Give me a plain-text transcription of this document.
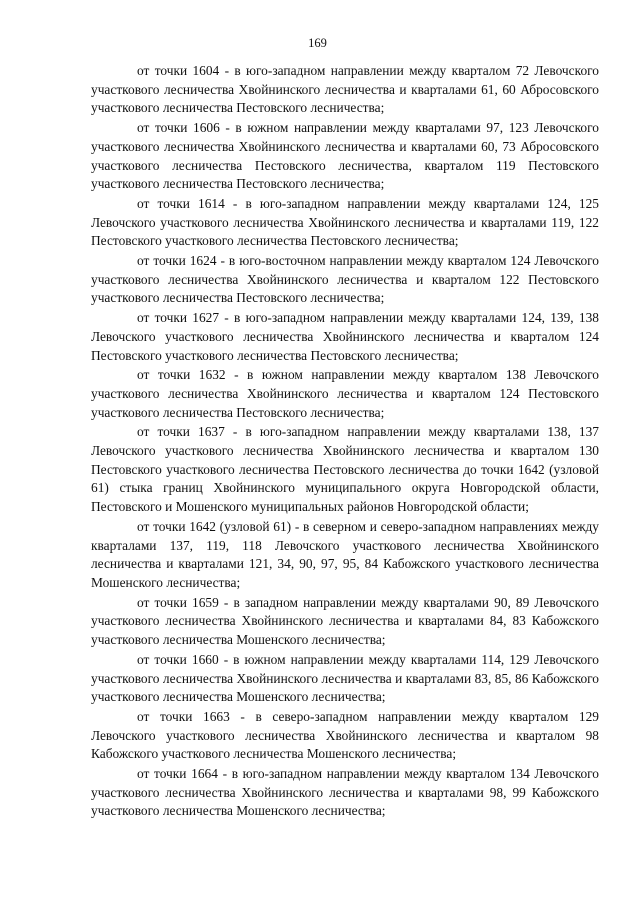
169

от точки 1604 - в юго-западном направлении между кварталом 72 Левочского участкового лесничества Хвойнинского лесничества и кварталами 61, 60 Абросовского участкового лесничества Пестовского лесничества;

от точки 1606 - в южном направлении между кварталами 97, 123 Левочского участкового лесничества Хвойнинского лесничества и кварталами 60, 73 Абросовского участкового лесничества Пестовского лесничества, кварталом 119 Пестовского участкового лесничества Пестовского лесничества;

от точки 1614 - в юго-западном направлении между кварталами 124, 125 Левочского участкового лесничества Хвойнинского лесничества и кварталами 119, 122 Пестовского участкового лесничества Пестовского лесничества;

от точки 1624 - в юго-восточном направлении между кварталом 124 Левочского участкового лесничества Хвойнинского лесничества и кварталом 122 Пестовского участкового лесничества Пестовского лесничества;

от точки 1627 - в юго-западном направлении между кварталами 124, 139, 138 Левочского участкового лесничества Хвойнинского лесничества и кварталом 124 Пестовского участкового лесничества Пестовского лесничества;

от точки 1632 - в южном направлении между кварталом 138 Левочского участкового лесничества Хвойнинского лесничества и кварталом 124 Пестовского участкового лесничества Пестовского лесничества;

от точки 1637 - в юго-западном направлении между кварталами 138, 137 Левочского участкового лесничества Хвойнинского лесничества и кварталом 130 Пестовского участкового лесничества Пестовского лесничества до точки 1642 (узловой 61) стыка границ Хвойнинского муниципального округа Новгородской области, Пестовского и Мошенского муниципальных районов Новгородской области;

от точки 1642 (узловой 61) - в северном и северо-западном направлениях между кварталами 137, 119, 118 Левочского участкового лесничества Хвойнинского лесничества и кварталами 121, 34, 90, 97, 95, 84 Кабожского участкового лесничества Мошенского лесничества;

от точки 1659 - в западном направлении между кварталами 90, 89 Левочского участкового лесничества Хвойнинского лесничества и кварталами 84, 83 Кабожского участкового лесничества Мошенского лесничества;

от точки 1660 - в южном направлении между кварталами 114, 129 Левочского участкового лесничества Хвойнинского лесничества и кварталами 83, 85, 86 Кабожского участкового лесничества Мошенского лесничества;

от точки 1663 - в северо-западном направлении между кварталом 129 Левочского участкового лесничества Хвойнинского лесничества и кварталом 98 Кабожского участкового лесничества Мошенского лесничества;

от точки 1664 - в юго-западном направлении между кварталом 134 Левочского участкового лесничества Хвойнинского лесничества и кварталами 98, 99 Кабожского участкового лесничества Мошенского лесничества;
